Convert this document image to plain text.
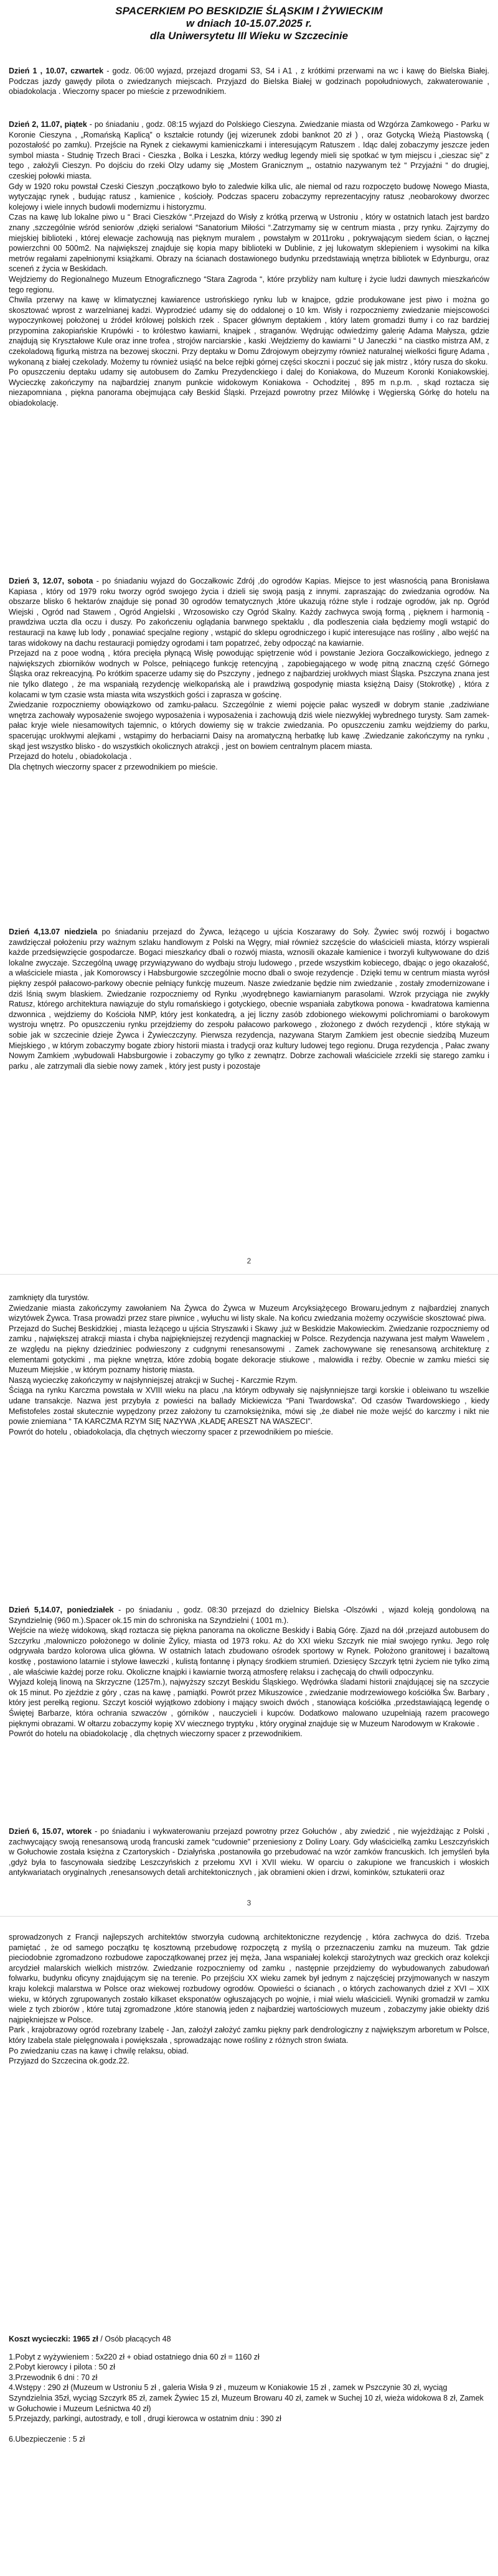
SPACERKIEM PO BESKIDZIE ŚLĄSKIM I ŻYWIECKIM
w dniach 10-15.07.2025 r.
dla Uniwersytetu III Wieku w Szczecinie
Dzień 1 , 10.07, czwartek - godz. 06:00 wyjazd, przejazd drogami S3, S4 i A1 , z krótkimi przerwami na wc i kawę do Bielska Białej. Podczas jazdy gawędy pilota o zwiedzanych miejscach. Przyjazd do Bielska Białej w godzinach popołudniowych, zakwaterowanie , obiadokolacja . Wieczorny spacer po mieście z przewodnikiem.
Dzień 2, 11.07, piątek - po śniadaniu , godz. 08:15 wyjazd do Polskiego Cieszyna. Zwiedzanie miasta od Wzgórza Zamkowego - Parku w Koronie Cieszyna , „Romańską Kaplicą” o kształcie rotundy (jej wizerunek zdobi banknot 20 zł ) , oraz Gotycką Wieżą Piastowską ( pozostałość po zamku). Przejście na Rynek z ciekawymi kamieniczkami i interesującym Ratuszem . Idąc dalej zobaczymy jeszcze jeden symbol miasta - Studnię Trzech Braci - Cieszka , Bolka i Leszka, którzy według legendy mieli się spotkać w tym miejscu i „cieszac się” z tego , założyli Cieszyn. Po dojściu do rzeki Olzy udamy się „Mostem Granicznym „, ostatnio nazywanym też “ Przyjaźni “ do drugiej, czeskiej połowki miasta.
Gdy w 1920 roku powstał Czeski Cieszyn ,początkowo było to zaledwie kilka ulic, ale niemal od razu rozpoczęto budowę Nowego Miasta, wytyczając rynek , budując ratusz , kamienice , kościoły. Podczas spaceru zobaczymy reprezentacyjny ratusz ,neobarokowy dworzec kolejowy i wiele innych budowli modernizmu i historyzmu.
Czas na kawę lub lokalne piwo u “ Braci Cieszków “.Przejazd do Wisły z krótką przerwą w Ustroniu , który w ostatnich latach jest bardzo znany ,szczególnie wśród seniorów ,dzięki serialowi “Sanatorium Miłości “.Zatrzymamy się w centrum miasta , przy rynku. Zajrzymy do miejskiej biblioteki , której elewacje zachowują nas pięknym muralem , powstałym w 2011roku , pokrywającym siedem ścian, o łącznej powierzchni 00 500m2. Na największej znajduje się kopia mapy biblioteki w Dublinie, z jej lukowatym sklepieniem i wysokimi na kilka metrów regałami zapełnionymi książkami. Obrazy na ścianach dostawionego budynku przedstawiają wnętrza bibliotek w Edynburgu, oraz sceneń z życia w Beskidach.
Wejdziemy do Regionalnego Muzeum Etnograficznego “Stara Zagroda “, które przybliży nam kulturę i życie ludzi dawnych mieszkańców tego regionu.
Chwila przerwy na kawę w klimatycznej kawiarence ustrońskiego rynku lub w knajpce, gdzie produkowane jest piwo i można go skosztować wprost z warzelnianej kadzi. Wyprodzieć udamy się do oddalonej o 10 km. Wisły i rozpoczniemy zwiedzanie miejscowości wypoczynkowej położonej u źródeł królowej polskich rzek . Spacer głównym deptakiem , który latem gromadzi tłumy i co raz bardziej przypomina zakopiańskie Krupówki - to królestwo kawiarni, knajpek , straganów. Wędrując odwiedzimy galerię Adama Małysza, gdzie znajdują się Kryształowe Kule oraz inne trofea , strojów narciarskie , kaski .Wejdziemy do kawiarni “ U Janeczki “ na ciastko mistrza AM, z czekoladową figurką mistrza na bezowej skoczni. Przy deptaku w Domu Zdrojowym obejrzymy również naturalnej wielkości figurę Adama , wykonaną z białej czekolady. Możemy tu również usiąść na belce rejbki górnej części skoczni i poczuć się jak mistrz , który rusza do skoku.
Po opuszczeniu deptaku udamy się autobusem do Zamku Prezydenckiego i dalej do Koniakowa, do Muzeum Koronki Koniakowskiej. Wycieczkę zakończymy na najbardziej znanym punkcie widokowym Koniakowa - Ochodzitej , 895 m n.p.m. , skąd roztacza się niezapomniana , piękna panorama obejmująca cały Beskid Śląski. Przejazd powrotny przez Milówkę i Węgierską Górkę do hotelu na obiadokolację.
Dzień 3, 12.07, sobota - po śniadaniu wyjazd do Goczałkowic Zdrój ,do ogrodów Kapias. Miejsce to jest własnością pana Bronisława Kapiasa , który od 1979 roku tworzy ogród swojego życia i dzieli się swoją pasją z innymi. zapraszając do zwiedzania ogrodów. Na obszarze blisko 6 hektarów znajduje się ponad 30 ogrodów tematycznych ,które ukazują różne style i rodzaje ogrodów, jak np. Ogród Wiejski , Ogród nad Stawem , Ogród Angielski , Wrzosowisko czy Ogród Skalny. Każdy zachwyca swoją formą , pięknem i harmonią - prawdziwa uczta dla oczu i duszy. Po zakończeniu oglądania barwnego spektaklu , dla podleszenia ciała będziemy mogli wstąpić do restauracji na kawę lub lody , ponawiać specjalne regiony , wstąpić do sklepu ogrodniczego i kupić interesujące nas rośliny , albo wejść na taras widokowy na dachu restauracji pomiędzy ogrodami i tam popatrzeć, żeby odpocząć na kawiarnie.
Przejazd na z pooe wodną , która precięła płynącą Wisłę powodując spiętrzenie wód i powstanie Jeziora Goczałkowickiego, jednego z największych zbiorników wodnych w Polsce, pełniącego funkcję retencyjną , zapobiegającego w wodę pitną znaczną część Górnego Śląska oraz rekreacyjną. Po krótkim spacerze udamy się do Pszczyny , jednego z najbardziej uroklwych miast Śląska. Pszczyna znana jest nie tylko dlatego , że ma wspaniałą rezydencję wielkopańską ale i prawdziwą gospodynię miasta księżną Daisy (Stokrotkę) , która z kolacami w tym czasie wsta miasta wita wszystkich gości i zaprasza w gościnę.
Zwiedzanie rozpoczniemy obowiązkowo od zamku-pałacu. Szczególnie z wiemi pojęcie pałac wyszedł w dobrym stanie ,zadziwiane wnętrza zachowały wyposażenie swojego wyposażenia i wyposażenia i zachowują dziś wiele niezwykłej wybrednego turysty. Sam zamek-pałac kryje wiele niesamowitych tajemnic, o których dowiemy się w trakcie zwiedzania. Po opuszczeniu zamku wejdziemy do parku, spacerując uroklwymi alejkami , wstąpimy do herbaciarni Daisy na aromatyczną herbatkę lub kawę .Zwiedzanie zakończymy na rynku , skąd jest wszystko blisko - do wszystkich okolicznych atrakcji , jest on bowiem centralnym placem miasta.
Przejazd do hotelu , obiadokolacja .
Dla chętnych wieczorny spacer z przewodnikiem po mieście.
Dzień 4,13.07 niedziela po śniadaniu przejazd do Żywca, leżącego u ujścia Koszarawy do Soły. Żywiec swój rozwój i bogactwo zawdzięczał położeniu przy ważnym szlaku handlowym z Polski na Węgry, miał również szczęście do właścicieli miasta, którzy wspierali każde przedsięwzięcie gospodarcze. Bogaci mieszkańcy dbali o rozwój miasta, wznosili okazałe kamienice i tworzyli kultywowane do dziś lokalne zwyczaje. Szczególną uwagę przywiązywano do wydbaju stroju ludowego , przede wszystkim kobiecego, dbając o jego okazałość, a właściciele miasta , jak Komorowscy i Habsburgowie szczególnie mocno dbali o swoje rezydencje . Dzięki temu w centrum miasta wyrósł piękny zespół pałacowo-parkowy obecnie pełniący funkcję muzeum. Nasze zwiedzanie będzie nim zwiedzanie , zostały zmodernizowane i dziś lśnią swym blaskiem. Zwiedzanie rozpoczniemy od Rynku ,wyodrębnego kawiarnianym parasolami. Wzrok przyciąga nie zwykły Ratusz, którego architektura nawiązuje do stylu romańskiego i gotyckiego, obecnie wspaniała zabytkowa ponowa - kwadratowa kamienna dzwonnica , wejdziemy do Kościoła NMP, który jest konkatedrą, a jej liczny zasób zdobionego wiekowymi polichromiami o barokowym wystroju wnętrz. Po opuszczeniu rynku przejdziemy do zespołu pałacowo parkowego , złożonego z dwóch rezydencji , które stykają w sobie jak w szczecinie dzieje Żywca i Żywieczczyny. Pierwsza rezydencja, nazywana Starym Zamkiem jest obecnie siedzibą Muzeum Miejskiego , w którym zobaczymy bogate zbiory historii miasta i tradycji oraz kultury ludowej tego regionu. Druga rezydencja , Pałac zwany Nowym Zamkiem ,wybudowali Habsburgowie i zobaczymy go tylko z zewnątrz. Dobrze zachowali właściciele zrzekli się starego zamku i parku , ale zatrzymali dla siebie nowy zamek , który jest pusty i pozostaje
2
zamknięty dla turystów.
Zwiedzanie miasta zakończymy zawołaniem Na Żywca do Żywca w Muzeum Arcyksiążęcego Browaru,jednym z najbardziej znanych wizytówek Żywca. Trasa prowadzi przez stare piwnice , wyłuchu wi listy skale. Na końcu zwiedzania możemy oczywiście skosztować piwa.
Przejazd do Suchej Beskidzkiej , miasta leżącego u ujścia Stryszawki i Skawy ,już w Beskidzie Makowieckim. Zwiedzanie rozpoczniemy od zamku , największej atrakcji miasta i chyba najpiękniejszej rezydencji magnackiej w Polsce. Rezydencja nazywana jest małym Wawelem , ze względu na piękny dziedziniec podwieszony z cudgnymi renesansowymi . Zamek zachowywane się renesansową architekturę z elementami gotyckimi , ma piękne wnętrza, które zdobią bogate dekoracje stiukowe , malowidła i reźby. Obecnie w zamku mieści się Muzeum Miejskie , w którym poznamy historię miasta.
Naszą wycieczkę zakończymy w najsłynniejszej atrakcji w Suchej - Karczmie Rzym.
Ściąga na rynku Karczma powstała w XVIII wieku na placu ,na którym odbywały się najsłynniejsze targi korskie i obleiwano tu wszelkie udane transakcje. Nazwa jest przybyła z powieści na ballady Mickiewicza “Pani Twardowska”. Od czasów Twardowskiego , kiedy Mefistofeles został skutecznie wypędzony przez założony tu czarnoksiężnika, mówi się ,że diabeł nie może wejść do karczmy i nikt nie powie zniemiana “ TA KARCZMA RZYM SIĘ NAZYWA ,KŁADĘ ARESZT NA WASZECI”.
Powrót do hotelu , obiadokolacja, dla chętnych wieczorny spacer z przewodnikiem po mieście.
Dzień 5,14.07, poniedziałek - po śniadaniu , godz. 08:30 przejazd do dzielnicy Bielska -Olszówki , wjazd koleją gondolową na Szyndzielnię (960 m.).Spacer ok.15 min do schroniska na Szyndzielni ( 1001 m.).
Wejście na wieżę widokową, skąd roztacza się piękna panorama na okoliczne Beskidy i Babią Górę. Zjazd na dół ,przejazd autobusem do Szczyrku ,malowniczo położonego w dolinie Żylicy, miasta od 1973 roku. Aż do XXI wieku Szczyrk nie miał swojego rynku. Jego rolę odgrywała bardzo kolorowa ulica główna. W ostatnich latach zbudowano ośrodek sportowy w Rynek. Położono granitowej i bazaltową kostkę , postawiono latarnie i stylowe ławeczki , kulistą fontannę i płynący środkiem strumień. Dziesięcy Szczyrk tętni życiem nie tylko zimą , ale właściwie każdej porze roku. Okoliczne knajpki i kawiarnie tworzą atmosferę relaksu i zachęcają do chwili odpoczynku.
Wyjazd koleją linową na Skrzyczne (1257m.), najwyższy szczyt Beskidu Śląskiego. Wędrówka śladami historii znajdującej się na szczycie ok 15 minut. Po zjeździe z góry , czas na kawę , pamiątki. Powrót przez Mikuszowice , zwiedzanie modrzewiowego kościółka Św. Barbary , który jest perełką regionu. Szczyt kosciół wyjątkowo zdobiony i mający swoich dwóch , stanowiąca kościółka ,przedstawiającą legendę o Świętej Barbarze, która ochrania szwaczów , górników , nauczycieli i kupców. Dodatkowo malowano uzupełniają razem pracowego pięknymi obrazami. W ołtarzu zobaczymy kopię XV wiecznego tryptyku , który oryginał znajduje się w Muzeum Narodowym w Krakowie .
Powrót do hotelu na obiadokolację , dla chętnych wieczorny spacer z przewodnikiem.
Dzień 6, 15.07, wtorek - po śniadaniu i wykwaterowaniu przejazd powrotny przez Gołuchów , aby zwiedzić , nie wyjeżdżając z Polski , zachwycający swoją renesansową urodą francuski zamek “cudownie” przeniesiony z Doliny Loary. Gdy właścicielką zamku Leszczyńskich w Gołuchowie została księżna z Czartoryskich - Działyńska ,postanowiła go przebudować na wzór zamków francuskich. Ich jemyśleń była ,gdyż była to fascynowała siedzibę Leszczyńskich z przełomu XVI i XVII wieku. W oparciu o zakupione we francuskich i włoskich antykwariatach oryginalnych ,renesansowych detali architektonicznych , jak obramieni okien i drzwi, kominków, sztukaterii oraz
3
sprowadzonych z Francji najlepszych architektów stworzyła cudowną architektoniczne rezydencję , która zachwyca do dziś. Trzeba pamiętać , że od samego początku tę kosztowną przebudowę rozpoczętą z myślą o przeznaczeniu zamku na muzeum. Tak gdzie pieciodobnie zgromadzono rozbudowe zapoczątkowanej przez jej męża, Jana wspaniałej kolekcji starożytnych waz greckich oraz kolekcji arcydzieł malarskich wielkich mistrzów. Zwiedzanie rozpoczniemy od zamku , następnie przejdziemy do wybudowanych zabudowań folwarku, budynku oficyny znajdującym się na terenie. Po przejściu XX wieku zamek był jednym z najczęściej przyjmowanych w naszym kraju kolekcji malarstwa w Polsce oraz wiekowej rozbudowy ogrodów. Opowieści o ścianach , o których zachowanych dzieł z XVI – XIX wieku, w których zgrupowanych zostało kilkaset eksponatów ogłuszających po wojnie, i miał wielu właścicieli. Wyniki gromadził w zamku wiele z tych zbiorów , które tutaj zgromadzone ,które stanowią jeden z najbardziej wartościowych muzeum , zobaczymy jakie obiekty dziś najpiękniejsze w Polsce.
Park , krajobrazowy ogród rozebrany Izabelę - Jan, założył założyć zamku piękny park dendrologiczny z największym arboretum w Polsce, który Izabela stale pielęgnowała i powiększała , sprowadzając nowe rośliny z różnych stron świata.
Po zwiedzaniu czas na kawę i chwilę relaksu, obiad.
Przyjazd do Szczecina ok.godz.22.
Koszt wycieczki: 1965 zł / Osób płacących 48

1.Pobyt z wyżywieniem : 5x220 zł + obiad ostatniego dnia 60 zł = 1160 zł

2.Pobyt kierowcy i pilota : 50 zł

3.Przewodnik 6 dni : 70 zł

4.Wstępy : 290 zł (Muzeum w Ustroniu 5 zł , galeria Wisła 9 zł , muzeum w Koniakowie 15 zł , zamek w Pszczynie 30 zł, wyciąg Szyndzielnia 35zł, wyciąg Szczyrk 85 zł, zamek Żywiec 15 zł, Muzeum Browaru 40 zł, zamek w Suchej 10 zł, wieża widokowa 8 zł, Zamek w Gołuchowie i Muzeum Leśnictwa 40 zł)

5.Przejazdy, parkingi, autostrady, e toll , drugi kierowca w ostatnim dniu : 390 zł

6.Ubezpieczenie : 5 zł
